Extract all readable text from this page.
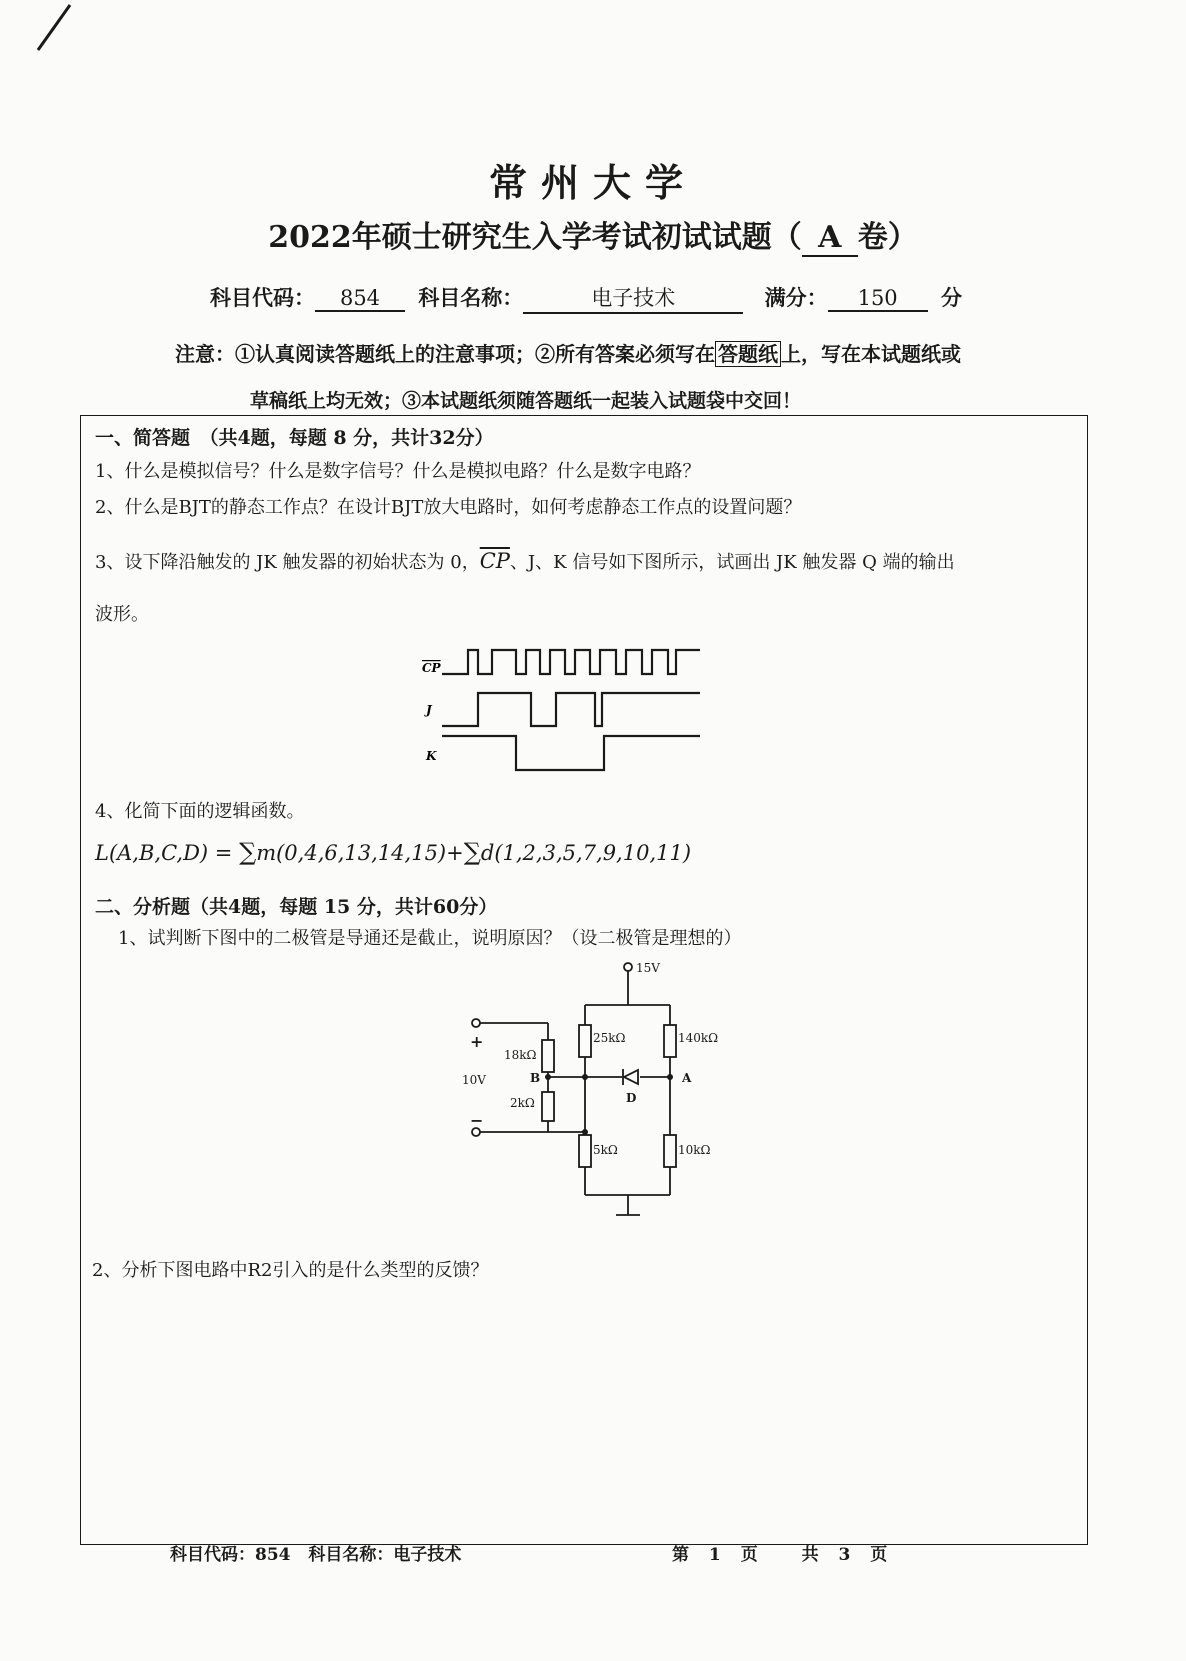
常州大学
2022年硕士研究生入学考试初试试题（ A 卷）
科目代码： 854 科目名称：	电子技术	满分： 150 分
注意：①认真阅读答题纸上的注意事项；②所有答案必须写在 答题纸 上，写在本试题纸或
草稿纸上均无效；③本试题纸须随答题纸一起装入试题袋中交回！
一、简答题　（共4题，每题 8 分，共计32分）
1、什么是模拟信号？什么是数字信号？什么是模拟电路？什么是数字电路？
2、什么是BJT的静态工作点？在设计BJT放大电路时，如何考虑静态工作点的设置问题？
3、设下降沿触发的 JK 触发器的初始状态为 0，$\overline{CP}$、J、K 信号如下图所示，试画出 JK 触发器 Q 端的输出
波形。
CP
J
K
4、化简下面的逻辑函数。
L(A,B,C,D) = ∑m(0,4,6,13,14,15)+∑d(1,2,3,5,7,9,10,11)
二、分析题（共4题，每题 15 分，共计60分）
1、试判断下图中的二极管是导通还是截止，说明原因？（设二极管是理想的）
15V
25kΩ	140kΩ
18kΩ
2kΩ
5kΩ	10kΩ
+
−
10V	B	A
D
2、分析下图电路中R2引入的是什么类型的反馈？
科目代码：854 科目名称：电子技术	第 1 页	共 3 页
